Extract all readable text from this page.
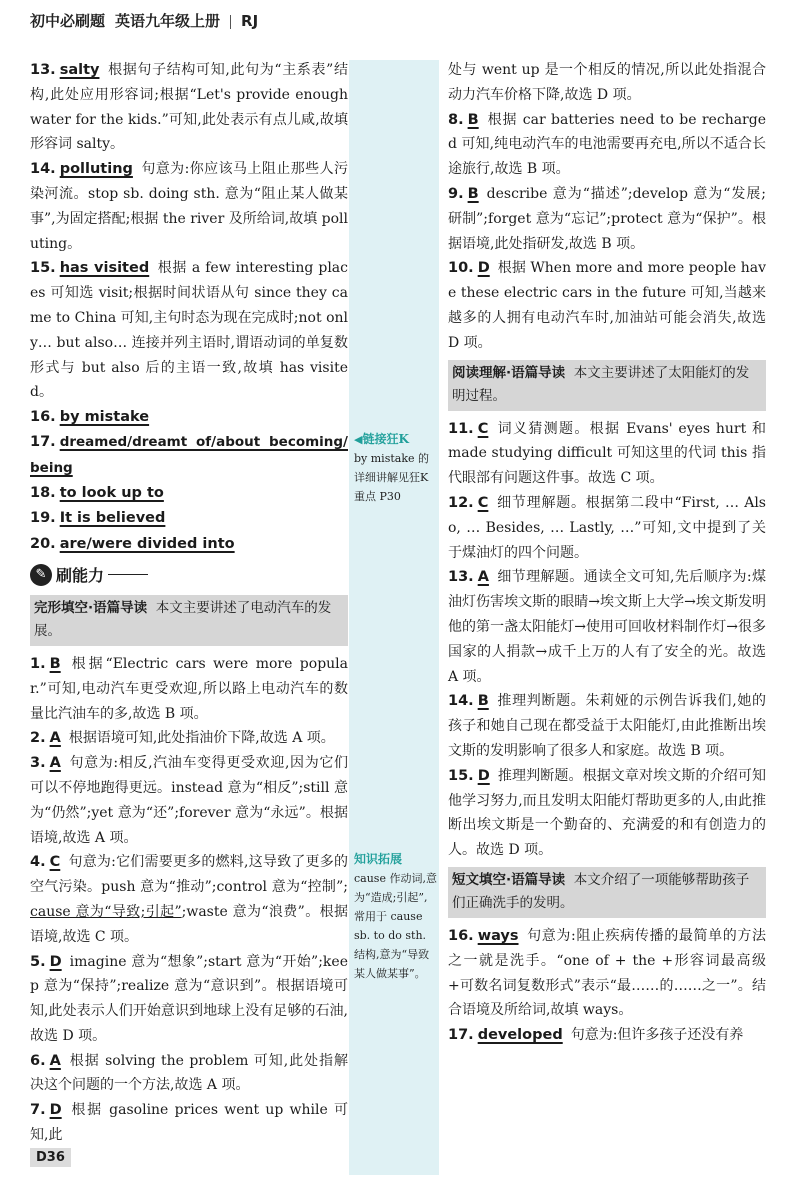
初中必刷题 英语九年级上册 RJ

13. salty 根据句子结构可知,此句为“主系表”结构,此处应用形容词;根据“Let's provide enough water for the kids.”可知,此处表示有点儿咸,故填形容词 salty。

14. polluting 句意为:你应该马上阻止那些人污染河流。stop sb. doing sth. 意为“阻止某人做某事”,为固定搭配;根据 the river 及所给词,故填 polluting。

15. has visited 根据 a few interesting places 可知选 visit;根据时间状语从句 since they came to China 可知,主句时态为现在完成时;not only… but also… 连接并列主语时,谓语动词的单复数形式与 but also 后的主语一致,故填 has visited。

16. by mistake

17. dreamed/dreamt of/about becoming/being

18. to look up to

19. It is believed

20. are/were divided into

✎ 刷能力
完形填空·语篇导读 本文主要讲述了电动汽车的发展。

1. B 根据“Electric cars were more popular.”可知,电动汽车更受欢迎,所以路上电动汽车的数量比汽油车的多,故选 B 项。

2. A 根据语境可知,此处指油价下降,故选 A 项。

3. A 句意为:相反,汽油车变得更受欢迎,因为它们可以不停地跑得更远。instead 意为“相反”;still 意为“仍然”;yet 意为“还”;forever 意为“永远”。根据语境,故选 A 项。

4. C 句意为:它们需要更多的燃料,这导致了更多的空气污染。push 意为“推动”;control 意为“控制”;cause 意为“导致;引起”;waste 意为“浪费”。根据语境,故选 C 项。

5. D imagine 意为“想象”;start 意为“开始”;keep 意为“保持”;realize 意为“意识到”。根据语境可知,此处表示人们开始意识到地球上没有足够的石油,故选 D 项。

6. A 根据 solving the problem 可知,此处指解决这个问题的一个方法,故选 A 项。

7. D 根据 gasoline prices went up while 可知,此

◀链接狂K
by mistake 的详细讲解见狂K重点 P30
知识拓展
cause 作动词,意为“造成;引起”,常用于 cause sb. to do sth. 结构,意为“导致某人做某事”。

处与 went up 是一个相反的情况,所以此处指混合动力汽车价格下降,故选 D 项。

8. B 根据 car batteries need to be recharged 可知,纯电动汽车的电池需要再充电,所以不适合长途旅行,故选 B 项。

9. B describe 意为“描述”;develop 意为“发展;研制”;forget 意为“忘记”;protect 意为“保护”。根据语境,此处指研发,故选 B 项。

10. D 根据 When more and more people have these electric cars in the future 可知,当越来越多的人拥有电动汽车时,加油站可能会消失,故选 D 项。

阅读理解·语篇导读 本文主要讲述了太阳能灯的发明过程。

11. C 词义猜测题。根据 Evans' eyes hurt 和 made studying difficult 可知这里的代词 this 指代眼部有问题这件事。故选 C 项。

12. C 细节理解题。根据第二段中“First, … Also, … Besides, … Lastly, …”可知,文中提到了关于煤油灯的四个问题。

13. A 细节理解题。通读全文可知,先后顺序为:煤油灯伤害埃文斯的眼睛→埃文斯上大学→埃文斯发明他的第一盏太阳能灯→使用可回收材料制作灯→很多国家的人捐款→成千上万的人有了安全的光。故选 A 项。

14. B 推理判断题。朱莉娅的示例告诉我们,她的孩子和她自己现在都受益于太阳能灯,由此推断出埃文斯的发明影响了很多人和家庭。故选 B 项。

15. D 推理判断题。根据文章对埃文斯的介绍可知他学习努力,而且发明太阳能灯帮助更多的人,由此推断出埃文斯是一个勤奋的、充满爱的和有创造力的人。故选 D 项。

短文填空·语篇导读 本文介绍了一项能够帮助孩子们正确洗手的发明。

16. ways 句意为:阻止疾病传播的最简单的方法之一就是洗手。“one of + the +形容词最高级+可数名词复数形式”表示“最……的……之一”。结合语境及所给词,故填 ways。

17. developed 句意为:但许多孩子还没有养

D36
